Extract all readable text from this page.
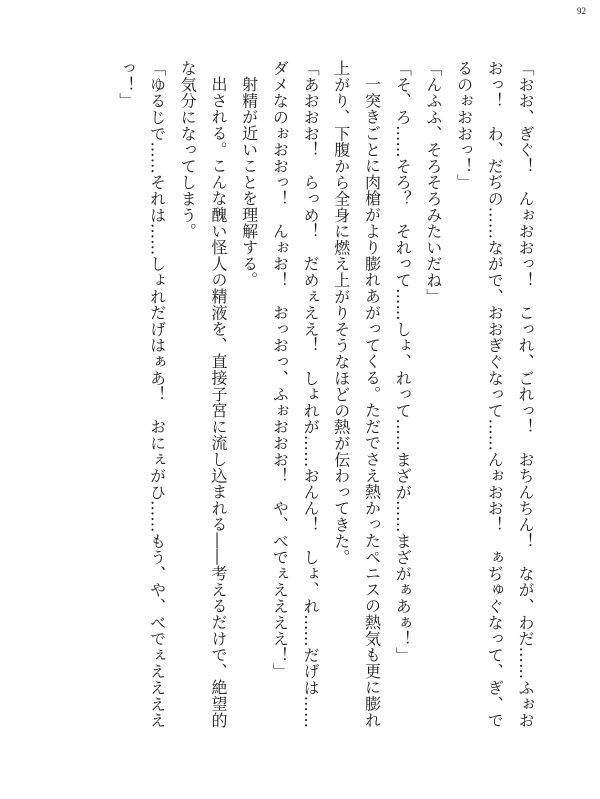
92

「おお、ぎぐ！　んぉおおっ！　こっれ、ごれっ！　おちんちん！　なが、わだ……ふぉおおっ！　わ、だぢの……ながで、おおぎぐなって……んぉおお！　ぁぢゅぐなって、ぎ、でるのぉおおっ！」

「んふふ、そろそろみたいだね」

「そ、ろ……そろ？　それって……しょ、れって……まざが……まざがぁあぁ！」

一突きごとに肉槍がより膨れあがってくる。ただでさえ熱かったペニスの熱気も更に膨れ上がり、下腹から全身に燃え上がりそうなほどの熱が伝わってきた。

「あおおお！　らっめ！　だめぇええ！　しょれが……おんん！　しょ、れ……だげは……ダメなのぉおおっ！　んぉお！　おっおっ、ふぉおおお！　や、べでぇええええ！」

射精が近いことを理解する。

出される。こんな醜い怪人の精液を、直接子宮に流し込まれる――考えるだけで、絶望的な気分になってしまう。

「ゆるじで……それは……しょれだげはぁあ！　おにぇがひ……もう、や、べでぇええええっ！」
